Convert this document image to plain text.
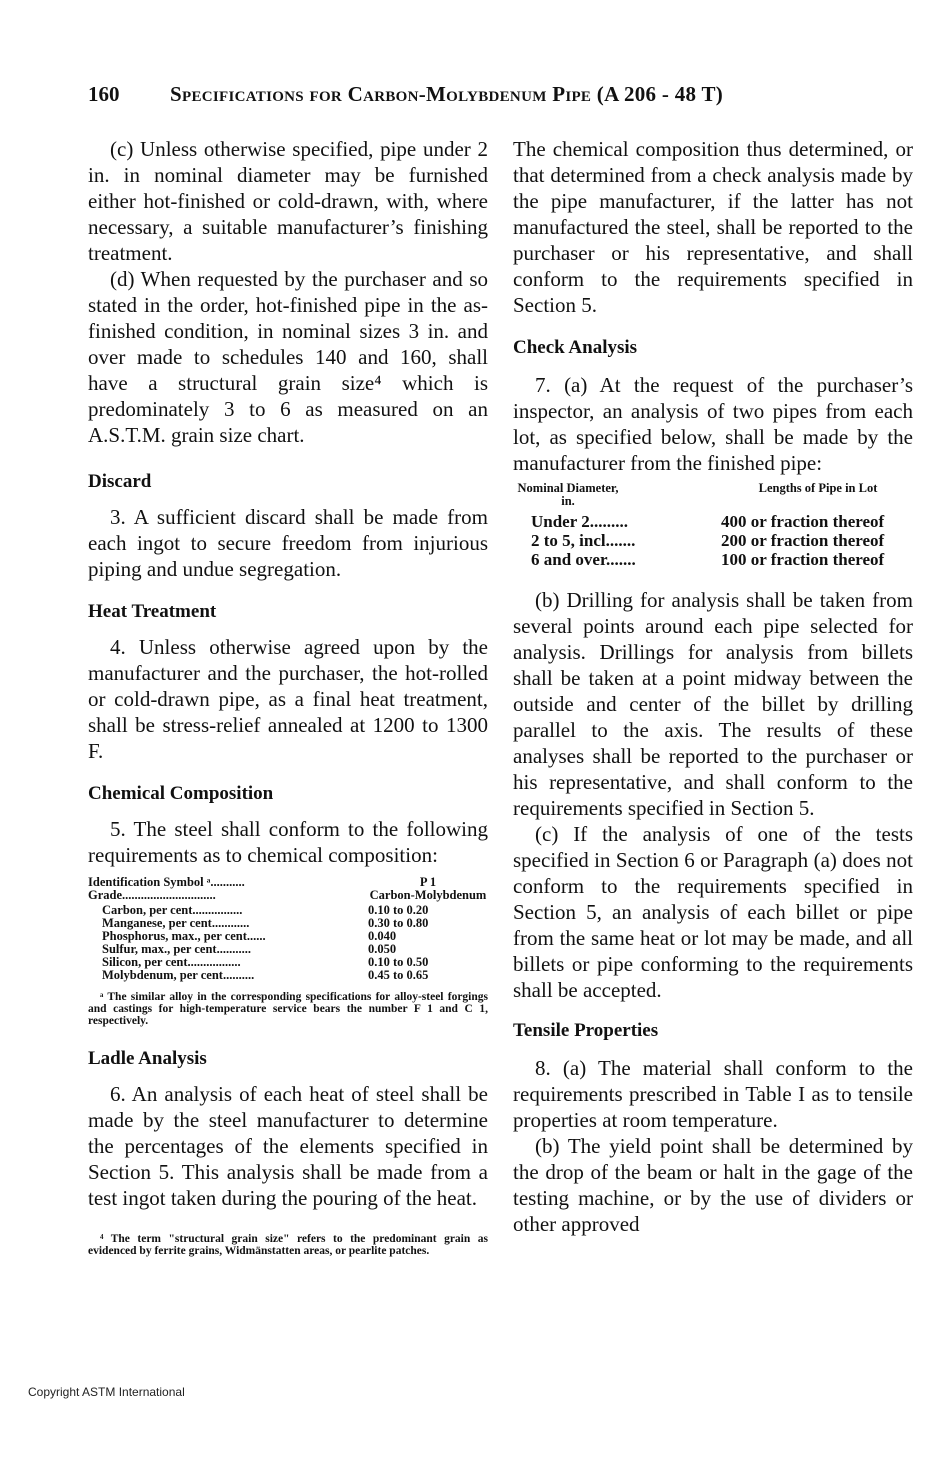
160 Specifications for Carbon-Molybdenum Pipe (A 206 - 48 T)

(c) Unless otherwise specified, pipe under 2 in. in nominal diameter may be furnished either hot-finished or cold-drawn, with, where necessary, a suitable manufacturer’s finishing treatment.

(d) When requested by the purchaser and so stated in the order, hot-finished pipe in the as-finished condition, in nominal sizes 3 in. and over made to schedules 140 and 160, shall have a structural grain size⁴ which is predominately 3 to 6 as measured on an A.S.T.M. grain size chart.

Discard

3. A sufficient discard shall be made from each ingot to secure freedom from injurious piping and undue segregation.

Heat Treatment

4. Unless otherwise agreed upon by the manufacturer and the purchaser, the hot-rolled or cold-drawn pipe, as a final heat treatment, shall be stress-relief annealed at 1200 to 1300 F.

Chemical Composition

5. The steel shall conform to the following requirements as to chemical composition:

Identification Symbol ᵃ...........	P 1
Grade..............................	Carbon-Molybdenum
Carbon, per cent................	0.10 to 0.20
Manganese, per cent............	0.30 to 0.80
Phosphorus, max., per cent......	0.040
Sulfur, max., per cent...........	0.050
Silicon, per cent.................	0.10 to 0.50
Molybdenum, per cent..........	0.45 to 0.65
ᵃ The similar alloy in the corresponding specifications for alloy-steel forgings and castings for high-temperature service bears the number F 1 and C 1, respectively.
Ladle Analysis

6. An analysis of each heat of steel shall be made by the steel manufacturer to determine the percentages of the elements specified in Section 5. This analysis shall be made from a test ingot taken during the pouring of the heat.

⁴ The term "structural grain size" refers to the predominant grain as evidenced by ferrite grains, Widmänstatten areas, or pearlite patches.

The chemical composition thus determined, or that determined from a check analysis made by the pipe manufacturer, if the latter has not manufactured the steel, shall be reported to the purchaser or his representative, and shall conform to the requirements specified in Section 5.

Check Analysis

7. (a) At the request of the purchaser’s inspector, an analysis of two pipes from each lot, as specified below, shall be made by the manufacturer from the finished pipe:

Nominal Diameter, in.
Lengths of Pipe in Lot
Under 2.........	400 or fraction thereof
2 to 5, incl.......	200 or fraction thereof
6 and over.......	100 or fraction thereof

(b) Drilling for analysis shall be taken from several points around each pipe selected for analysis. Drillings for analysis from billets shall be taken at a point midway between the outside and center of the billet by drilling parallel to the axis. The results of these analyses shall be reported to the purchaser or his representative, and shall conform to the requirements specified in Section 5.

(c) If the analysis of one of the tests specified in Section 6 or Paragraph (a) does not conform to the requirements specified in Section 5, an analysis of each billet or pipe from the same heat or lot may be made, and all billets or pipe conforming to the requirements shall be accepted.

Tensile Properties

8. (a) The material shall conform to the requirements prescribed in Table I as to tensile properties at room temperature.

(b) The yield point shall be determined by the drop of the beam or halt in the gage of the testing machine, or by the use of dividers or other approved

Copyright ASTM International
